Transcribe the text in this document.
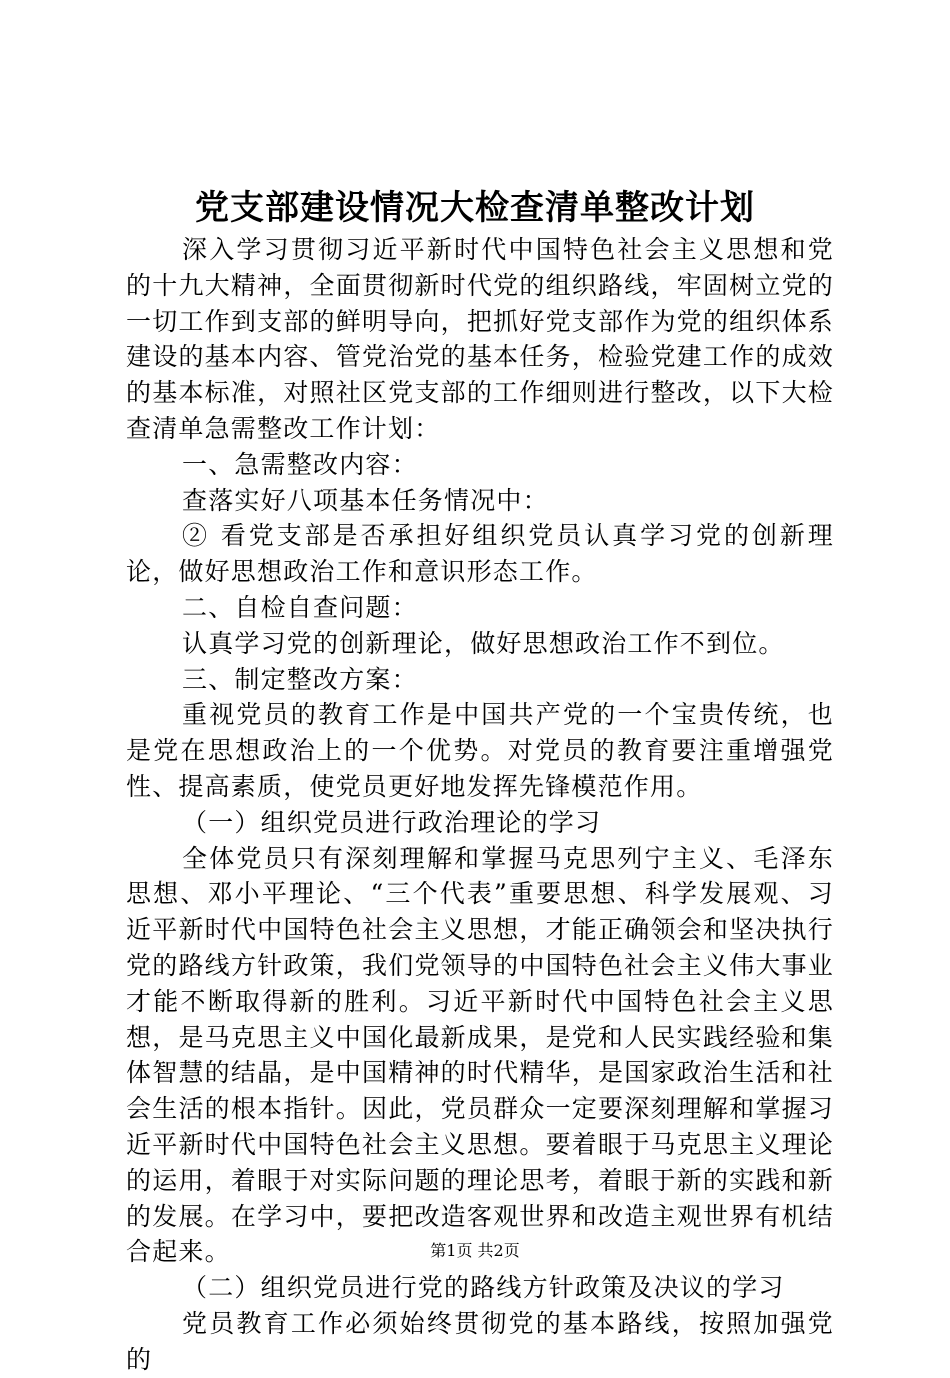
党支部建设情况大检查清单整改计划

深入学习贯彻习近平新时代中国特色社会主义思想和党的十九大精神，全面贯彻新时代党的组织路线，牢固树立党的一切工作到支部的鲜明导向，把抓好党支部作为党的组织体系建设的基本内容、管党治党的基本任务，检验党建工作的成效的基本标准，对照社区党支部的工作细则进行整改，以下大检查清单急需整改工作计划：

一、急需整改内容：

查落实好八项基本任务情况中：

② 看党支部是否承担好组织党员认真学习党的创新理论，做好思想政治工作和意识形态工作。

二、自检自查问题：

认真学习党的创新理论，做好思想政治工作不到位。

三、制定整改方案：

重视党员的教育工作是中国共产党的一个宝贵传统，也是党在思想政治上的一个优势。对党员的教育要注重增强党性、提高素质，使党员更好地发挥先锋模范作用。

（一）组织党员进行政治理论的学习

全体党员只有深刻理解和掌握马克思列宁主义、毛泽东思想、邓小平理论、“三个代表”重要思想、科学发展观、习近平新时代中国特色社会主义思想，才能正确领会和坚决执行党的路线方针政策，我们党领导的中国特色社会主义伟大事业才能不断取得新的胜利。习近平新时代中国特色社会主义思想，是马克思主义中国化最新成果，是党和人民实践经验和集体智慧的结晶，是中国精神的时代精华，是国家政治生活和社会生活的根本指针。因此，党员群众一定要深刻理解和掌握习近平新时代中国特色社会主义思想。要着眼于马克思主义理论的运用，着眼于对实际问题的理论思考，着眼于新的实践和新的发展。在学习中，要把改造客观世界和改造主观世界有机结合起来。

（二）组织党员进行党的路线方针政策及决议的学习

党员教育工作必须始终贯彻党的基本路线，按照加强党的

第1页 共2页
